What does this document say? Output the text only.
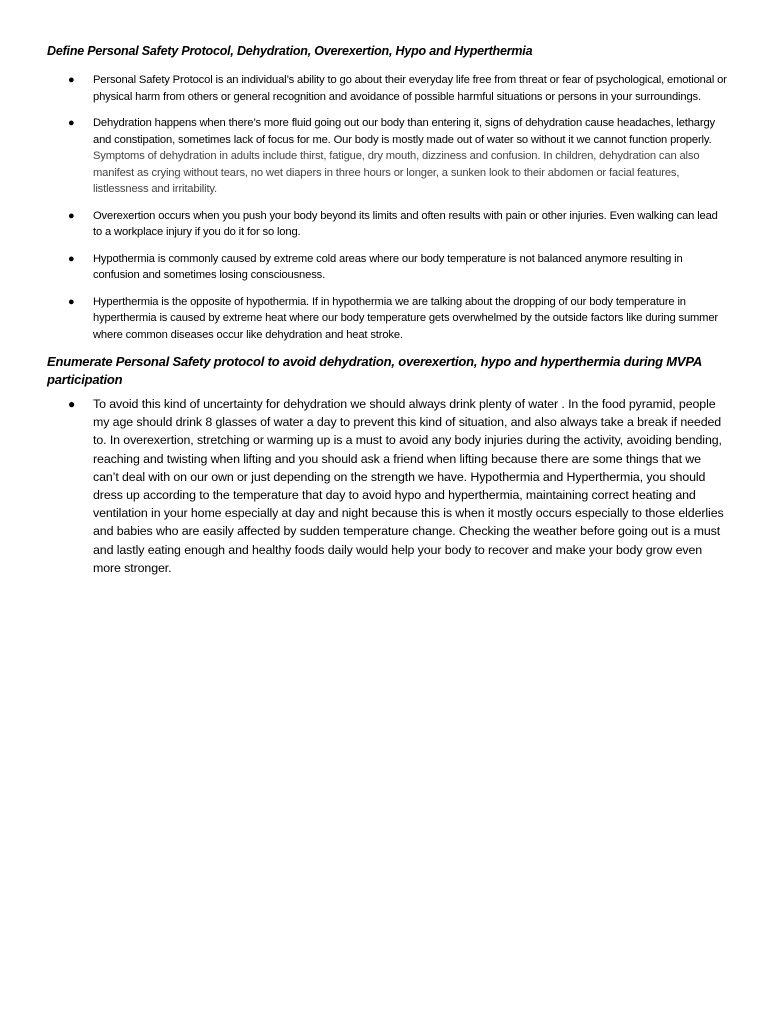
Define Personal Safety Protocol, Dehydration, Overexertion, Hypo and Hyperthermia

● Personal Safety Protocol is an individual’s ability to go about their everyday life free from threat or fear of psychological, emotional or physical harm from others or general recognition and avoidance of possible harmful situations or persons in your surroundings.
● Dehydration happens when there’s more fluid going out our body than entering it, signs of dehydration cause headaches, lethargy and constipation, sometimes lack of focus for me. Our body is mostly made out of water so without it we cannot function properly. Symptoms of dehydration in adults include thirst, fatigue, dry mouth, dizziness and confusion. In children, dehydration can also manifest as crying without tears, no wet diapers in three hours or longer, a sunken look to their abdomen or facial features, listlessness and irritability.
● Overexertion occurs when you push your body beyond its limits and often results with pain or other injuries. Even walking can lead to a workplace injury if you do it for so long.
● Hypothermia is commonly caused by extreme cold areas where our body temperature is not balanced anymore resulting in confusion and sometimes losing consciousness.
● Hyperthermia is the opposite of hypothermia. If in hypothermia we are talking about the dropping of our body temperature in hyperthermia is caused by extreme heat where our body temperature gets overwhelmed by the outside factors like during summer where common diseases occur like dehydration and heat stroke.

Enumerate Personal Safety protocol to avoid dehydration, overexertion, hypo and hyperthermia during MVPA participation

● To avoid this kind of uncertainty for dehydration we should always drink plenty of water . In the food pyramid, people my age should drink 8 glasses of water a day to prevent this kind of situation, and also always take a break if needed to. In overexertion, stretching or warming up is a must to avoid any body injuries during the activity, avoiding bending, reaching and twisting when lifting and you should ask a friend when lifting because there are some things that we can’t deal with on our own or just depending on the strength we have. Hypothermia and Hyperthermia, you should dress up according to the temperature that day to avoid hypo and hyperthermia, maintaining correct heating and ventilation in your home especially at day and night because this is when it mostly occurs especially to those elderlies and babies who are easily affected by sudden temperature change. Checking the weather before going out is a must and lastly eating enough and healthy foods daily would help your body to recover and make your body grow even more stronger.
